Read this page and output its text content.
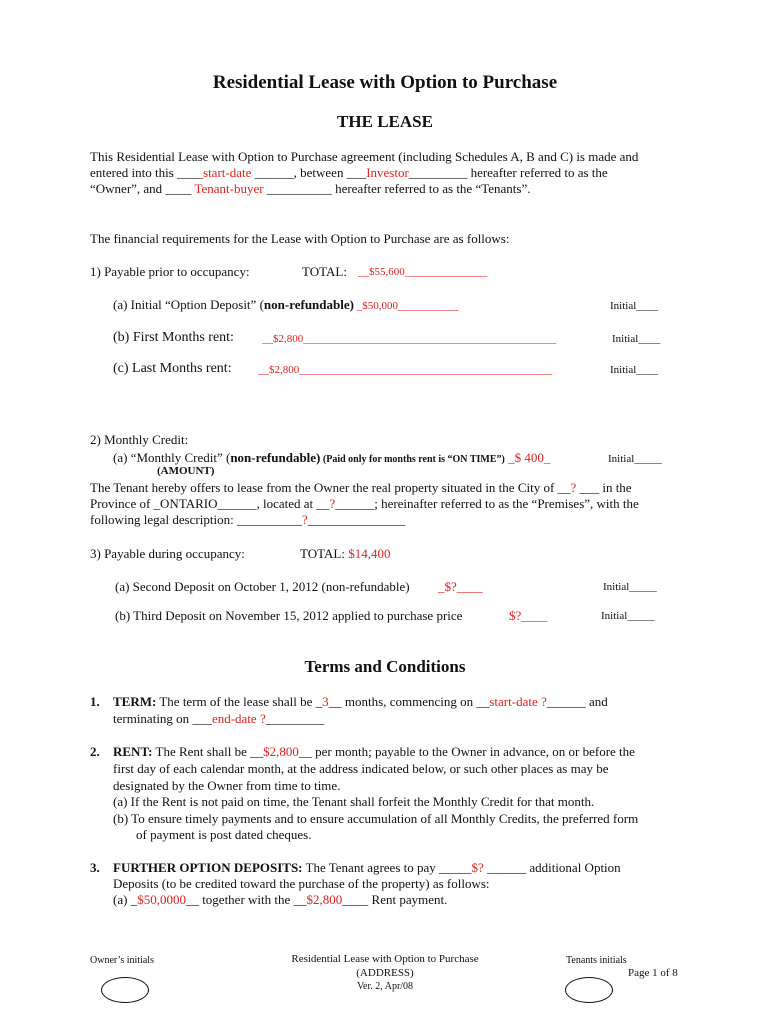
Residential Lease with Option to Purchase
THE LEASE
This Residential Lease with Option to Purchase agreement (including Schedules A, B and C) is made and
entered into this ____start-date ______, between ___Investor_________ hereafter referred to as the
“Owner”, and ____ Tenant-buyer __________ hereafter referred to as the “Tenants”.
The financial requirements for the Lease with Option to Purchase are as follows:
1) Payable prior to occupancy:	TOTAL: __$55,600_______________
(a) Initial “Option Deposit” (non-refundable) _$50,000___________	Initial____
(b) First Months rent:	__$2,800______________________________________________	Initial____
(c) Last Months rent: __$2,800______________________________________________	Initial____
2) Monthly Credit:
(a) “Monthly Credit” (non-refundable) (Paid only for months rent is “ON TIME”) _$ 400_	Initial_____
(AMOUNT)
The Tenant hereby offers to lease from the Owner the real property situated in the City of __? ___ in the
Province of _ONTARIO______, located at __?______; hereinafter referred to as the “Premises”, with the
following legal description: __________?_______________
3) Payable during occupancy:	TOTAL: $14,400
(a) Second Deposit on October 1, 2012 (non-refundable) _$?____	Initial_____
(b) Third Deposit on November 15, 2012 applied to purchase price	$?____	Initial_____
Terms and Conditions
1. TERM: The term of the lease shall be _3__ months, commencing on __start-date ?______ and
terminating on ___end-date ?_________
2. RENT: The Rent shall be __$2,800__ per month; payable to the Owner in advance, on or before the
first day of each calendar month, at the address indicated below, or such other places as may be
designated by the Owner from time to time.
(a) If the Rent is not paid on time, the Tenant shall forfeit the Monthly Credit for that month.
(b) To ensure timely payments and to ensure accumulation of all Monthly Credits, the preferred form
of payment is post dated cheques.
3. FURTHER OPTION DEPOSITS: The Tenant agrees to pay _____$? ______ additional Option
Deposits (to be credited toward the purchase of the property) as follows:
(a) _$50,0000__ together with the __$2,800____ Rent payment.
Owner’s initials	Residential Lease with Option to Purchase
(ADDRESS)
Ver. 2, Apr/08
Tenants initials
Page 1 of 8
